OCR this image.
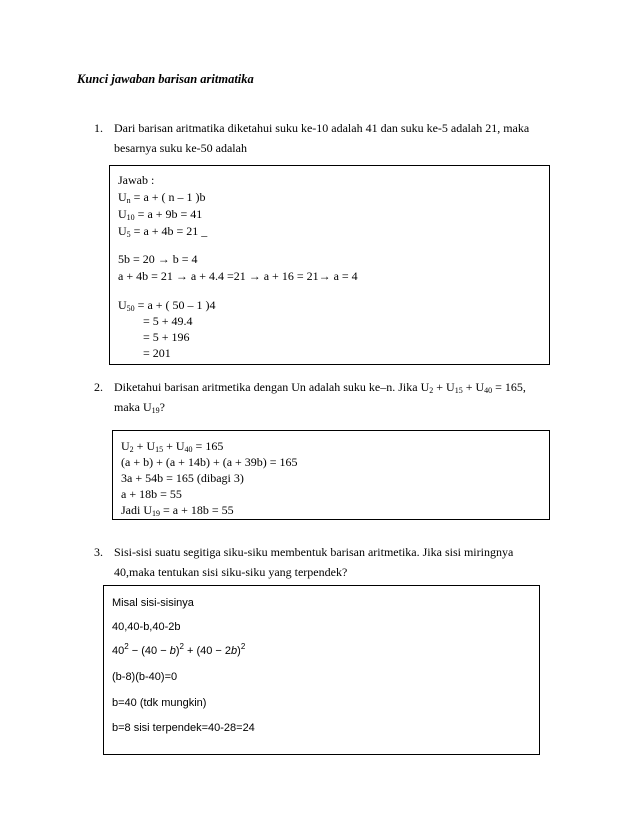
Kunci jawaban barisan aritmatika
1. Dari barisan aritmatika diketahui suku ke-10 adalah 41 dan suku ke-5 adalah 21, maka
besarnya suku ke-50 adalah
Jawab :
$U_n = a$ + ( n – 1 )b
$U_{10} = a + 9b = 41$
$U_5 = a + 4b = 21$ _
5b = 20 → b = 4
a + 4b = 21 → a + 4.4 =21 → a + 16 = 21→ a = 4
$U_{50} = a$ + ( 50 – 1 )4
= 5 + 49.4
= 5 + 196
= 201
2. Diketahui barisan aritmetika dengan Un adalah suku ke–n. Jika $U_2 + U_{15} + U_{40} = 165$,
maka $U_{19}$?
$U_2 + U_{15} + U_{40} = 165$
(a + b) + (a + 14b) + (a + 39b) = 165
3a + 54b = 165 (dibagi 3)
a + 18b = 55
Jadi $U_{19} = a + 18b = 55$
3. Sisi-sisi suatu segitiga siku-siku membentuk barisan aritmetika. Jika sisi miringnya
40,maka tentukan sisi siku-siku yang terpendek?
Misal sisi-sisinya
40,40-b,40-2b
$40^2 - (40 - b)^2 + (40 - 2b)^2$
(b-8)(b-40)=0
b=40 (tdk mungkin)
b=8 sisi terpendek=40-28=24
